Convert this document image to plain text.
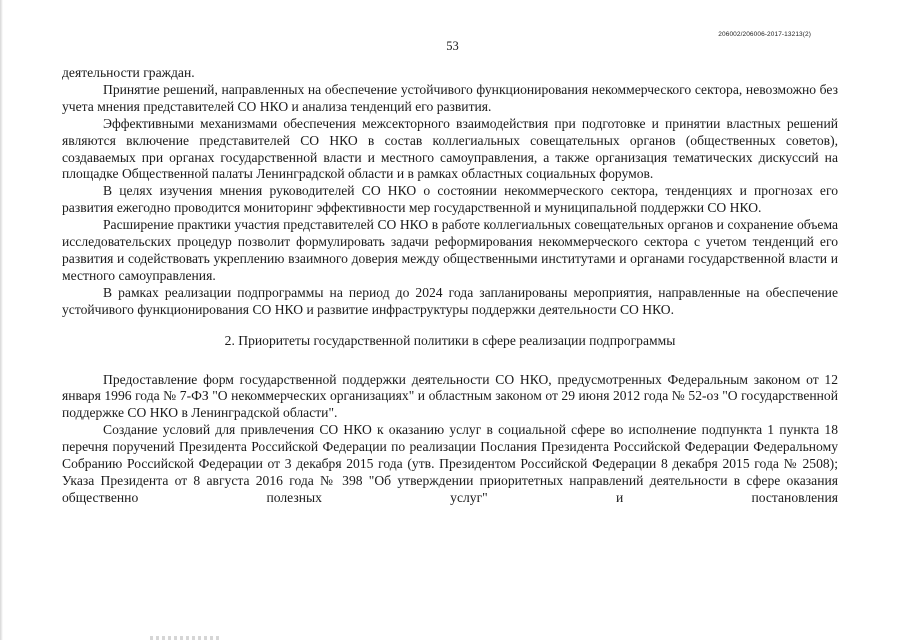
206002/206006-2017-13213(2)
53

деятельности граждан.

Принятие решений, направленных на обеспечение устойчивого функционирования некоммерческого сектора, невозможно без учета мнения представителей СО НКО и анализа тенденций его развития.

Эффективными механизмами обеспечения межсекторного взаимодействия при подготовке и принятии властных решений являются включение представителей СО НКО в состав коллегиальных совещательных органов (общественных советов), создаваемых при органах государственной власти и местного самоуправления, а также организация тематических дискуссий на площадке Общественной палаты Ленинградской области и в рамках областных социальных форумов.

В целях изучения мнения руководителей СО НКО о состоянии некоммерческого сектора, тенденциях и прогнозах его развития ежегодно проводится мониторинг эффективности мер государственной и муниципальной поддержки СО НКО.

Расширение практики участия представителей СО НКО в работе коллегиальных совещательных органов и сохранение объема исследовательских процедур позволит формулировать задачи реформирования некоммерческого сектора с учетом тенденций его развития и содействовать укреплению взаимного доверия между общественными институтами и органами государственной власти и местного самоуправления.

В рамках реализации подпрограммы на период до 2024 года запланированы мероприятия, направленные на обеспечение устойчивого функционирования СО НКО и развитие инфраструктуры поддержки деятельности СО НКО.

2. Приоритеты государственной политики в сфере реализации подпрограммы

Предоставление форм государственной поддержки деятельности СО НКО, предусмотренных Федеральным законом от 12 января 1996 года № 7-ФЗ "О некоммерческих организациях" и областным законом от 29 июня 2012 года № 52-оз "О государственной поддержке СО НКО в Ленинградской области".

Создание условий для привлечения СО НКО к оказанию услуг в социальной сфере во исполнение подпункта 1 пункта 18 перечня поручений Президента Российской Федерации по реализации Послания Президента Российской Федерации Федеральному Собранию Российской Федерации от 3 декабря 2015 года (утв. Президентом Российской Федерации 8 декабря 2015 года № 2508); Указа Президента от 8 августа 2016 года № 398 "Об утверждении приоритетных направлений деятельности в сфере оказания общественно полезных услуг" и постановления
